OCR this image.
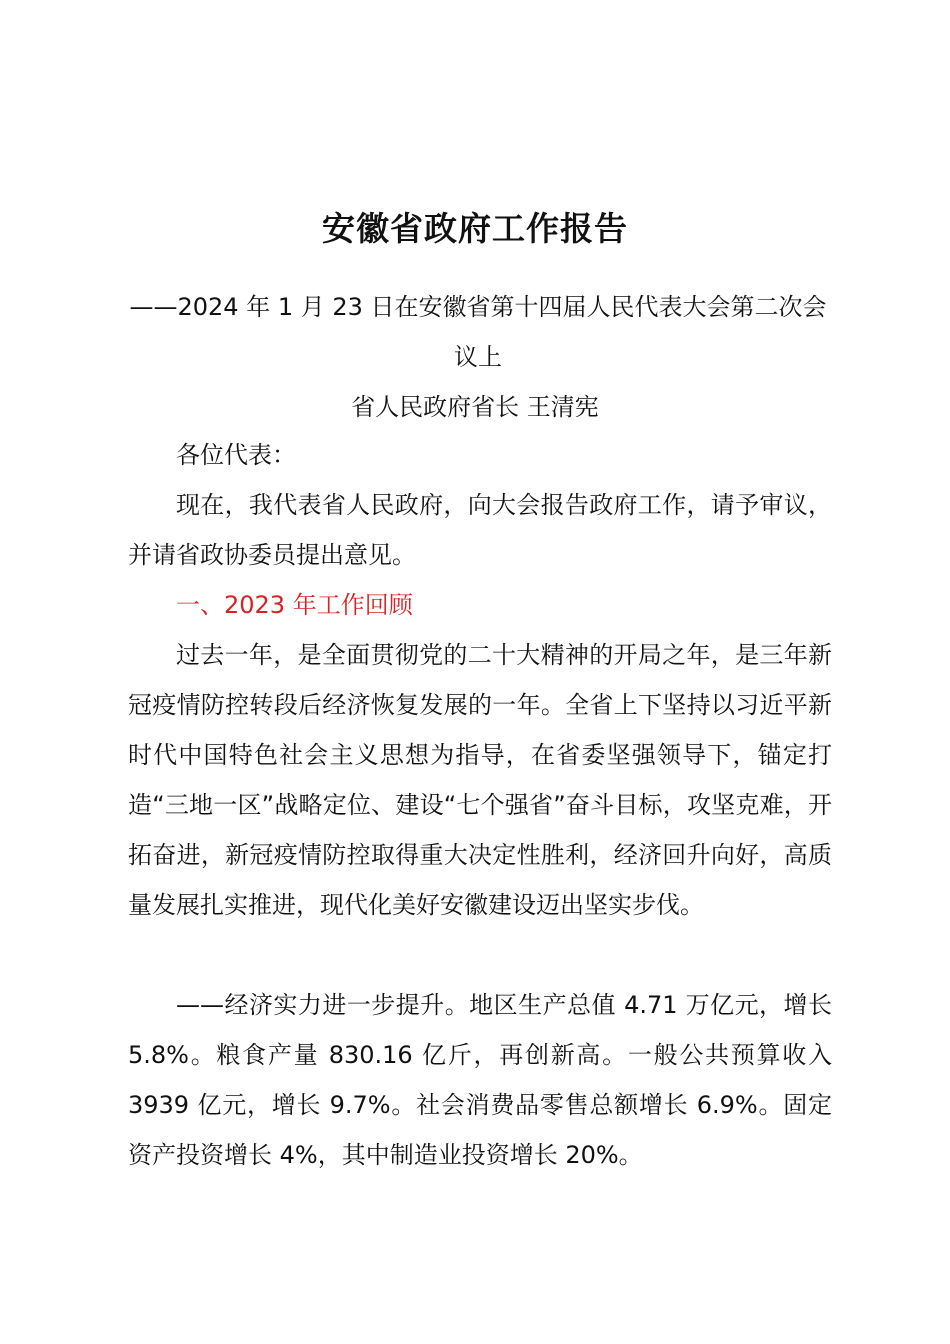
安徽省政府工作报告
——2024 年 1 月 23 日在安徽省第十四届人民代表大会第二次会议上
省人民政府省长 王清宪

各位代表：

现在，我代表省人民政府，向大会报告政府工作，请予审议，并请省政协委员提出意见。

一、2023 年工作回顾

过去一年，是全面贯彻党的二十大精神的开局之年，是三年新冠疫情防控转段后经济恢复发展的一年。全省上下坚持以习近平新时代中国特色社会主义思想为指导，在省委坚强领导下，锚定打造“三地一区”战略定位、建设“七个强省”奋斗目标，攻坚克难，开拓奋进，新冠疫情防控取得重大决定性胜利，经济回升向好，高质量发展扎实推进，现代化美好安徽建设迈出坚实步伐。

——经济实力进一步提升。地区生产总值 4.71 万亿元，增长 5.8%。粮食产量 830.16 亿斤，再创新高。一般公共预算收入 3939 亿元，增长 9.7%。社会消费品零售总额增长 6.9%。固定资产投资增长 4%，其中制造业投资增长 20%。
